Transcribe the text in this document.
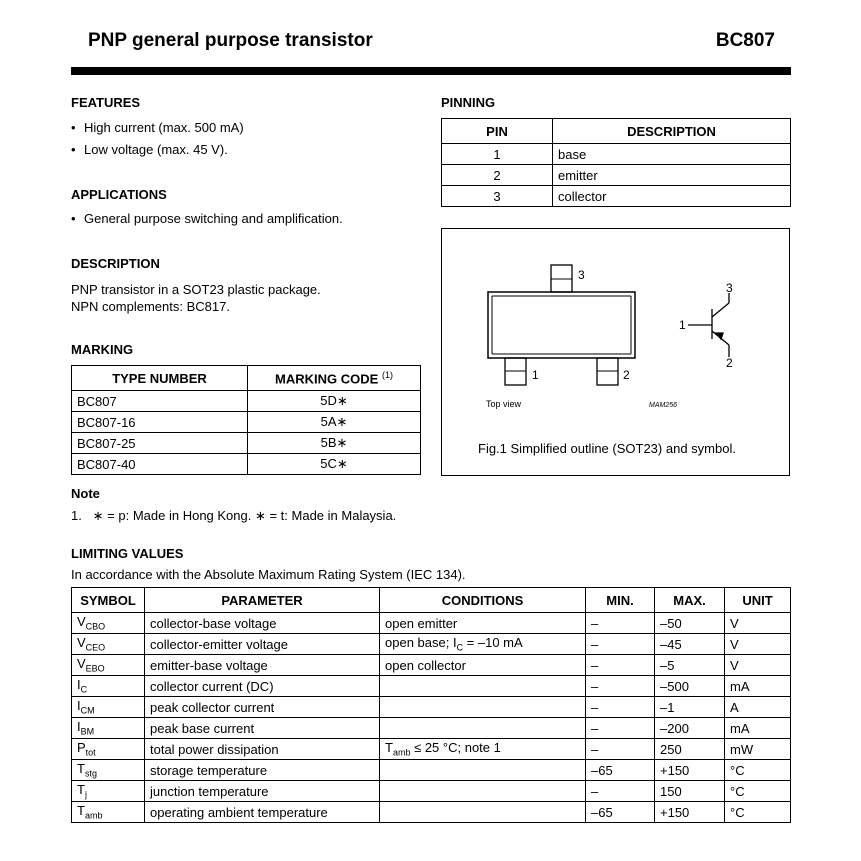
PNP general purpose transistor	BC807
FEATURES
• High current (max. 500 mA)
• Low voltage (max. 45 V).
APPLICATIONS
• General purpose switching and amplification.
DESCRIPTION
PNP transistor in a SOT23 plastic package.
NPN complements: BC817.
MARKING
TYPE NUMBER	MARKING CODE $^{(1)}$
BC807	5D∗
BC807-16	5A∗
BC807-25	5B∗
BC807-40	5C∗
Note
1.   ∗ = p: Made in Hong Kong. ∗ = t: Made in Malaysia.
PINNING
PIN	DESCRIPTION
1	base
2	emitter
3	collector
3
1	2
Top view	MAM256
1
3
2
Fig.1 Simplified outline (SOT23) and symbol.
LIMITING VALUES
In accordance with the Absolute Maximum Rating System (IEC 134).
SYMBOL	PARAMETER	CONDITIONS	MIN.	MAX.	UNIT
$V_{CBO}$	collector-base voltage	open emitter	–	–50	V
$V_{CEO}$	collector-emitter voltage	open base; $I_C = -10$ mA	–	–45	V
$V_{EBO}$	emitter-base voltage	open collector	–	–5	V
$I_C$	collector current (DC)		–	–500	mA
$I_{CM}$	peak collector current		–	–1	A
$I_{BM}$	peak base current		–	–200	mA
$P_{tot}$	total power dissipation	$T_{amb} \le 25$ °C; note 1	–	250	mW
$T_{stg}$	storage temperature		–65	+150	°C
$T_j$	junction temperature		–	150	°C
$T_{amb}$	operating ambient temperature		–65	+150	°C
